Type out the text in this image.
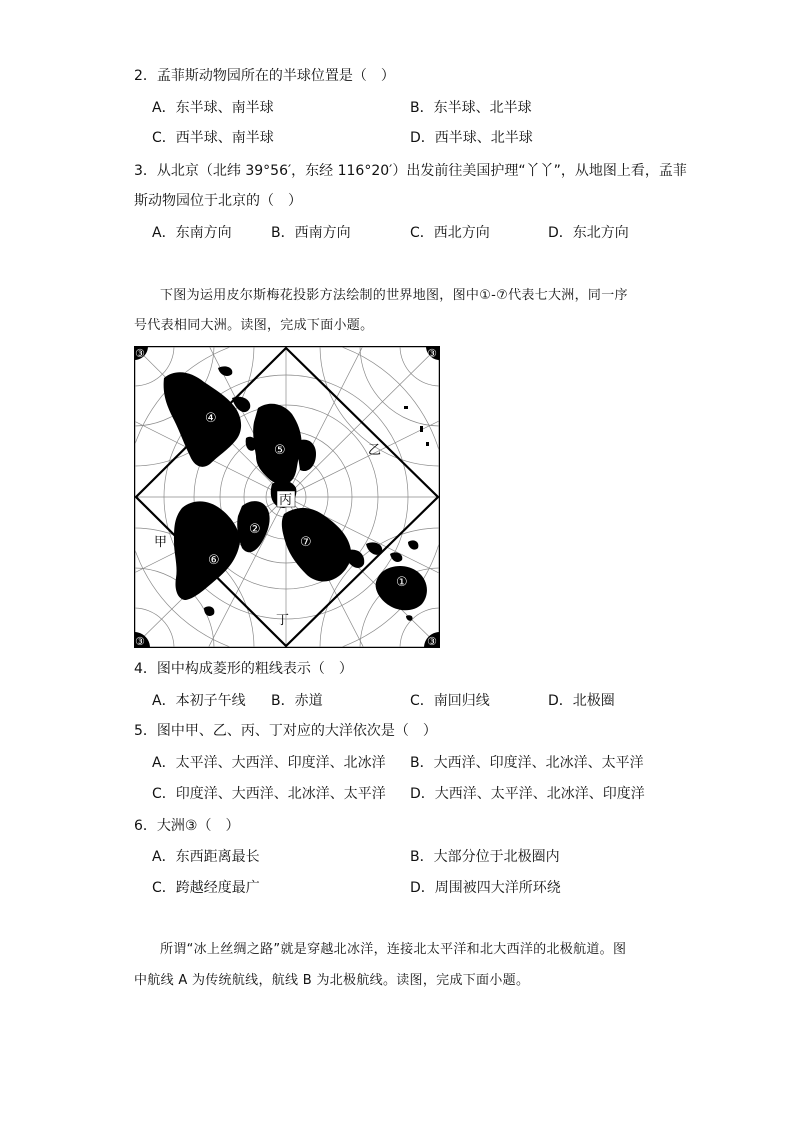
2．孟菲斯动物园所在的半球位置是（　）
A．东半球、南半球	B．东半球、北半球
C．西半球、南半球	D．西半球、北半球
3．从北京（北纬 39°56′，东经 116°20′）出发前往美国护理“丫丫”，从地图上看，孟菲
斯动物园位于北京的（　）
A．东南方向	B．西南方向	C．西北方向	D．东北方向
下图为运用皮尔斯梅花投影方法绘制的世界地图，图中①-⑦代表七大洲，同一序
号代表相同大洲。读图，完成下面小题。
甲
乙
丁
丙
④
⑤
②
⑦
⑥
①
③	③
③	③
4．图中构成菱形的粗线表示（　）
A．本初子午线 B．赤道	C．南回归线	D．北极圈
5．图中甲、乙、丙、丁对应的大洋依次是（　）
A．太平洋、大西洋、印度洋、北冰洋 B．大西洋、印度洋、北冰洋、太平洋
C．印度洋、大西洋、北冰洋、太平洋 D．大西洋、太平洋、北冰洋、印度洋
6．大洲③（　）
A．东西距离最长	B．大部分位于北极圈内
C．跨越经度最广	D．周围被四大洋所环绕
所谓“冰上丝绸之路”就是穿越北冰洋，连接北太平洋和北大西洋的北极航道。图
中航线 A 为传统航线，航线 B 为北极航线。读图，完成下面小题。
